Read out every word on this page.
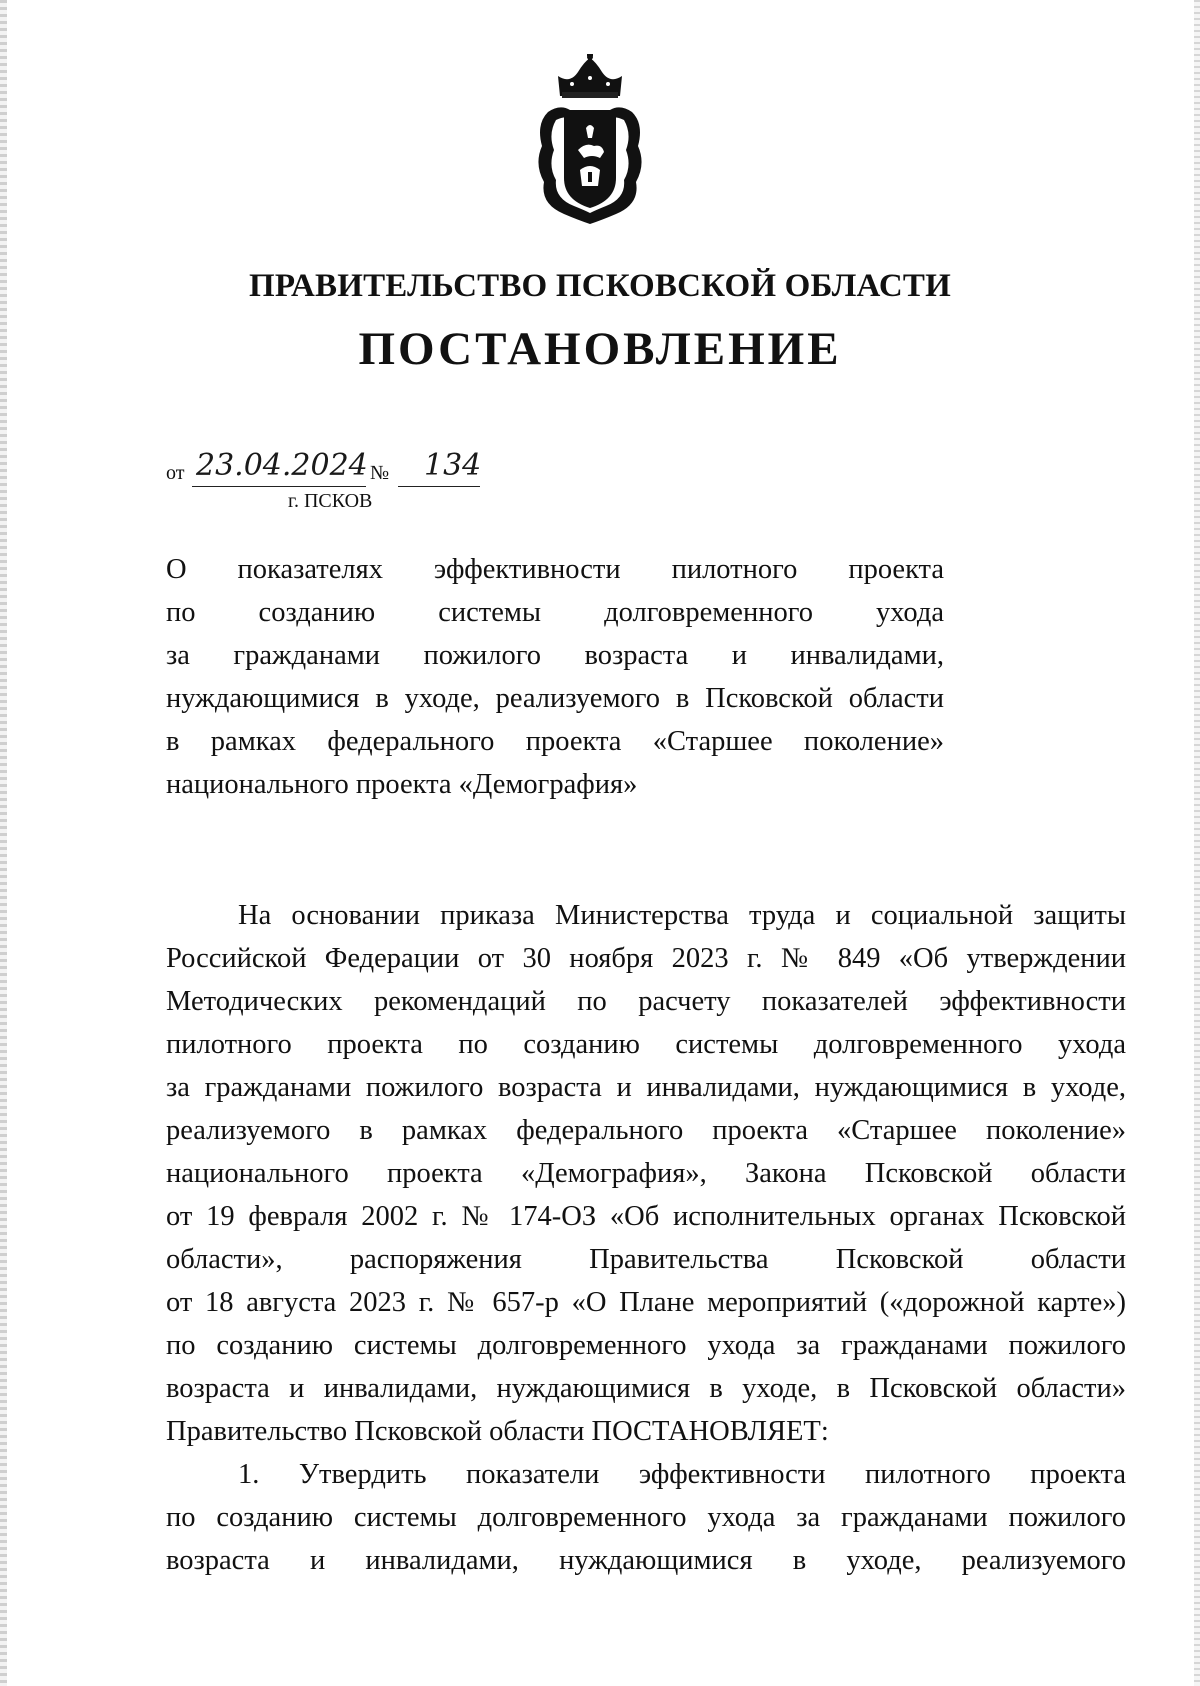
ПРАВИТЕЛЬСТВО ПСКОВСКОЙ ОБЛАСТИ
ПОСТАНОВЛЕНИЕ
от 23.04.2024 № 134
г. ПСКОВ
О показателях эффективности пилотного проекта
по созданию системы долговременного ухода
за гражданами пожилого возраста и инвалидами,
нуждающимися в уходе, реализуемого в Псковской области
в рамках федерального проекта «Старшее поколение»
национального проекта «Демография»
На основании приказа Министерства труда и социальной защиты
Российской Федерации от 30 ноября 2023 г. № 849 «Об утверждении
Методических рекомендаций по расчету показателей эффективности
пилотного проекта по созданию системы долговременного ухода
за гражданами пожилого возраста и инвалидами, нуждающимися в уходе,
реализуемого в рамках федерального проекта «Старшее поколение»
национального проекта «Демография», Закона Псковской области
от 19 февраля 2002 г. № 174-ОЗ «Об исполнительных органах Псковской
области», распоряжения Правительства Псковской области
от 18 августа 2023 г. № 657-р «О Плане мероприятий («дорожной карте»)
по созданию системы долговременного ухода за гражданами пожилого
возраста и инвалидами, нуждающимися в уходе, в Псковской области»
Правительство Псковской области ПОСТАНОВЛЯЕТ:
1. Утвердить показатели эффективности пилотного проекта
по созданию системы долговременного ухода за гражданами пожилого
возраста и инвалидами, нуждающимися в уходе, реализуемого
